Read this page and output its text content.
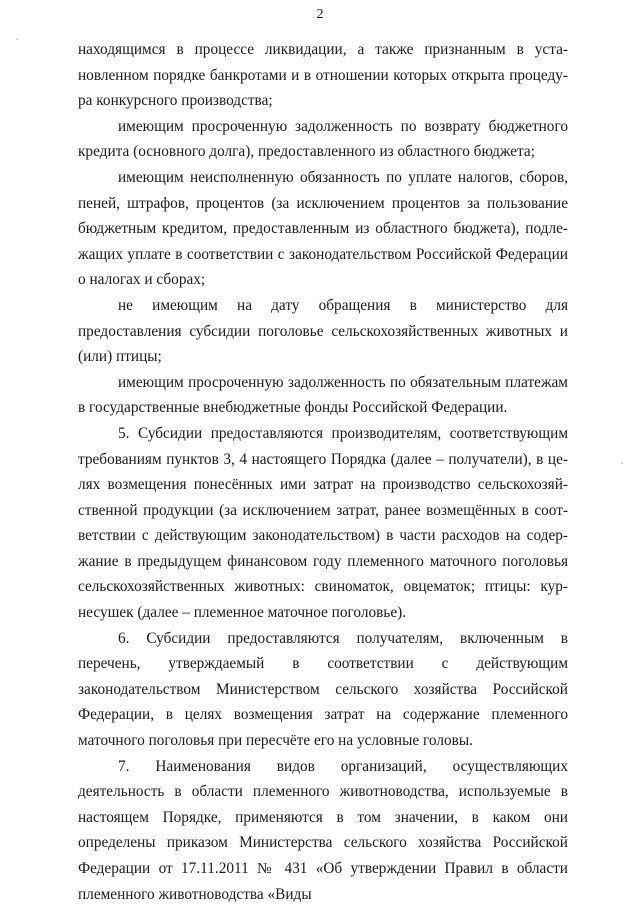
2

находящимся в процессе ликвидации, а также признанным в установленном порядке банкротами и в отношении которых открыта процедура конкурсного производства;

имеющим просроченную задолженность по возврату бюджетного кредита (основного долга), предоставленного из областного бюджета;

имеющим неисполненную обязанность по уплате налогов, сборов, пеней, штрафов, процентов (за исключением процентов за пользование бюджетным кредитом, предоставленным из областного бюджета), подлежащих уплате в соответствии с законодательством Российской Федерации о налогах и сборах;

не имеющим на дату обращения в министерство для предоставления субсидии поголовье сельскохозяйственных животных и (или) птицы;

имеющим просроченную задолженность по обязательным платежам в государственные внебюджетные фонды Российской Федерации.

5. Субсидии предоставляются производителям, соответствующим требованиям пунктов 3, 4 настоящего Порядка (далее – получатели), в целях возмещения понесённых ими затрат на производство сельскохозяйственной продукции (за исключением затрат, ранее возмещённых в соответствии с действующим законодательством) в части расходов на содержание в предыдущем финансовом году племенного маточного поголовья сельскохозяйственных животных: свиноматок, овцематок; птицы: курнесушек (далее – племенное маточное поголовье).

6. Субсидии предоставляются получателям, включенным в перечень, утверждаемый в соответствии с действующим законодательством Министерством сельского хозяйства Российской Федерации, в целях возмещения затрат на содержание племенного маточного поголовья при пересчёте его на условные головы.

7. Наименования видов организаций, осуществляющих деятельность в области племенного животноводства, используемые в настоящем Порядке, применяются в том значении, в каком они определены приказом Министерства сельского хозяйства Российской Федерации от 17.11.2011 № 431 «Об утверждении Правил в области племенного животноводства «Виды
